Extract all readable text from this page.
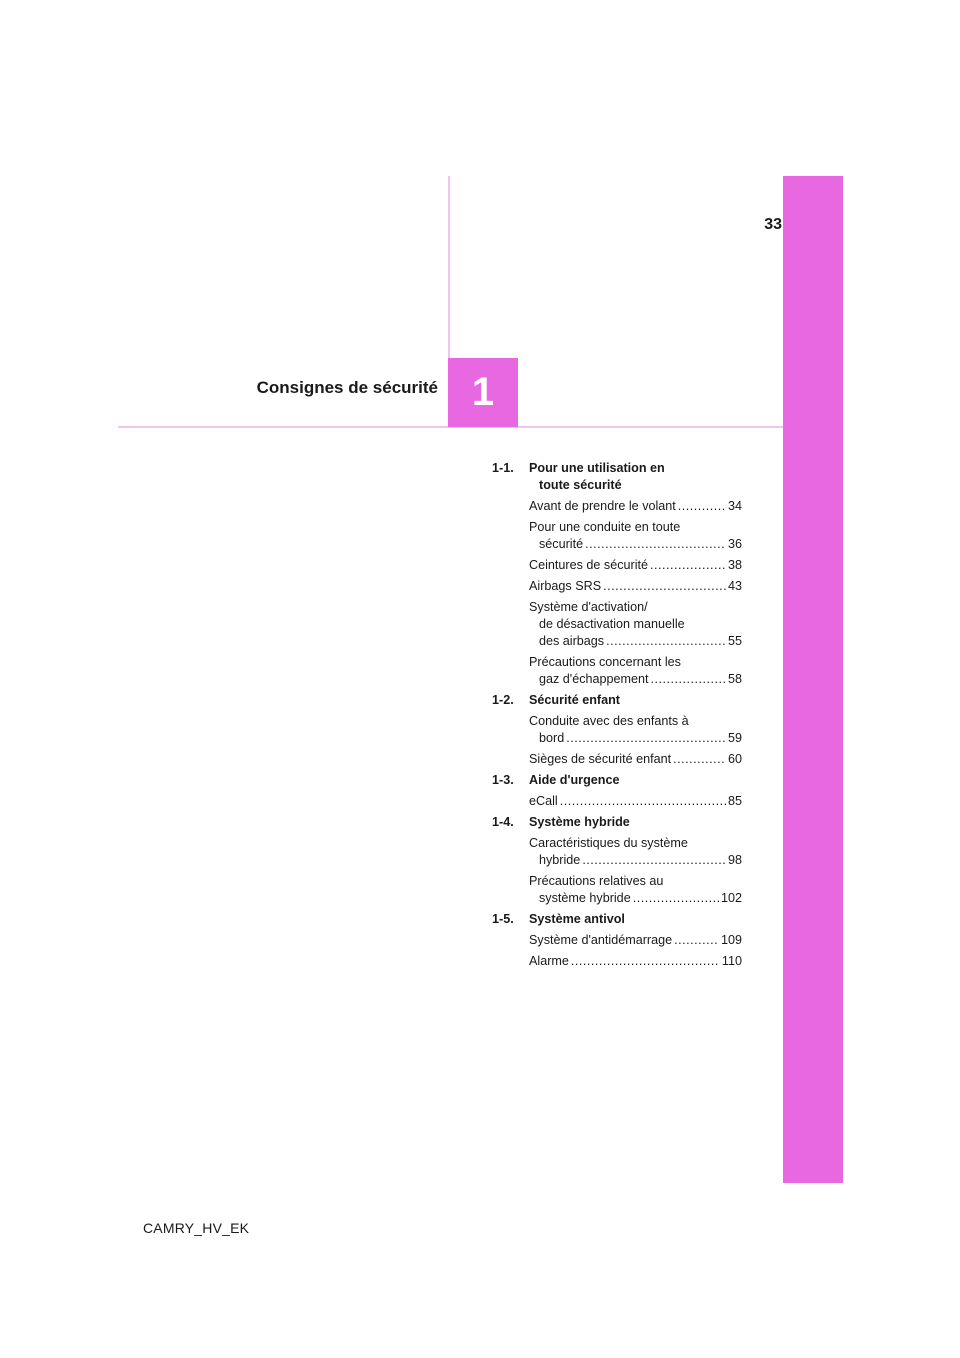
33
Consignes de sécurité 1
1-1. Pour une utilisation en
toute sécurité
Avant de prendre le volant .....	34
Pour une conduite en toute
sécurité .....	36
Ceintures de sécurité .....	38
Airbags SRS .....	43
Système d'activation/
de désactivation manuelle
des airbags .....	55
Précautions concernant les
gaz d'échappement .....	58
1-2. Sécurité enfant
Conduite avec des enfants à
bord .....	59
Sièges de sécurité enfant .....	60
1-3. Aide d'urgence
eCall .....	85
1-4. Système hybride
Caractéristiques du système
hybride .....	98
Précautions relatives au
système hybride .....	102
1-5. Système antivol
Système d'antidémarrage .....	109
Alarme .....	110
CAMRY_HV_EK
